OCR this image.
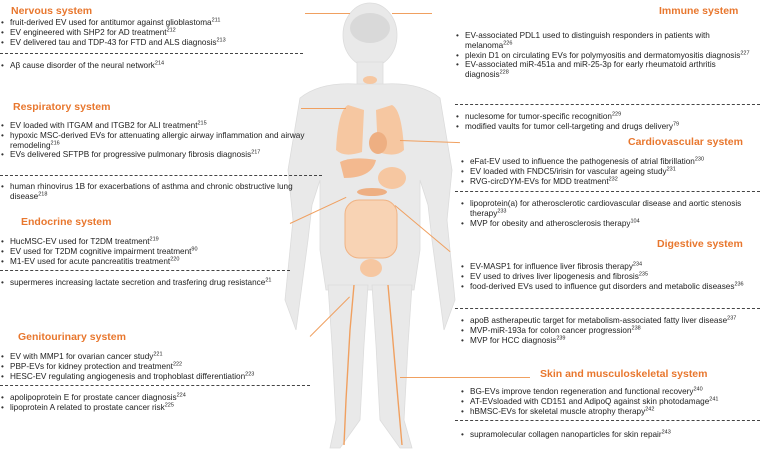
Nervous system
• fruit-derived EV used for antitumor against glioblastoma$^{211}$
• EV engineered with SHP2 for AD treatment$^{212}$
• EV delivered tau and TDP-43 for FTD and ALS diagnosis$^{213}$
• Aβ cause disorder of the neural network$^{214}$
Respiratory system
• EV loaded with ITGAM and ITGB2 for ALI treatment$^{215}$
• hypoxic MSC-derived EVs for attenuating allergic airway inflammation and airway remodeling$^{216}$
• EVs delivered SFTPB for progressive pulmonary fibrosis diagnosis$^{217}$
• human rhinovirus 1B for exacerbations of asthma and chronic obstructive lung disease$^{218}$
Endocrine system
• HucMSC-EV used for T2DM treatment$^{219}$
• EV used for T2DM cognitive impairment treatment$^{90}$
• M1-EV used for acute pancreatitis treatment$^{220}$
• supermeres increasing lactate secretion and trasfering drug resistance$^{21}$
Genitourinary system
• EV with MMP1 for ovarian cancer study$^{221}$
• PBP-EVs for kidney protection and treatment$^{222}$
• HESC-EV regulating angiogenesis and trophoblast differentiation$^{223}$
• apolipoprotein E for prostate cancer diagnosis$^{224}$
• lipoprotein A related to prostate cancer risk$^{225}$
Immune system
• EV-associated PDL1 used to distinguish responders in patients with melanoma$^{226}$
• plexin D1 on circulating EVs for polymyositis and dermatomyositis diagnosis$^{227}$
• EV-associated miR-451a and miR-25-3p for early rheumatoid arthritis diagnosis$^{228}$
• nuclesome for tumor-specific recognition$^{229}$
• modified vaults for tumor cell-targeting and drugs delivery$^{79}$
Cardiovascular system
• eFat-EV used to influence the pathogenesis of atrial fibrillation$^{230}$
• EV loaded with FNDC5/irisin for vascular ageing study$^{231}$
• RVG-circDYM-EVs for MDD treatment$^{232}$
• lipoprotein(a) for atherosclerotic cardiovascular disease and aortic stenosis therapy$^{233}$
• MVP for obesity and atherosclerosis therapy$^{104}$
Digestive system
• EV-MASP1 for influence liver fibrosis therapy$^{234}$
• EV used to drives liver lipogenesis and fibrosis$^{235}$
• food-derived EVs used to influence gut disorders and metabolic diseases$^{236}$
• apoB astherapeutic target for metabolism-associated fatty liver disease$^{237}$
• MVP-miR-193a for colon cancer progression$^{238}$
• MVP for HCC diagnosis$^{239}$
Skin and musculoskeletal system
• BG-EVs improve tendon regeneration and functional recovery$^{240}$
• AT-EVsloaded with CD151 and AdipoQ against skin photodamage$^{241}$
• hBMSC-EVs for skeletal muscle atrophy therapy$^{242}$
• supramolecular collagen nanoparticles for skin repair$^{243}$
